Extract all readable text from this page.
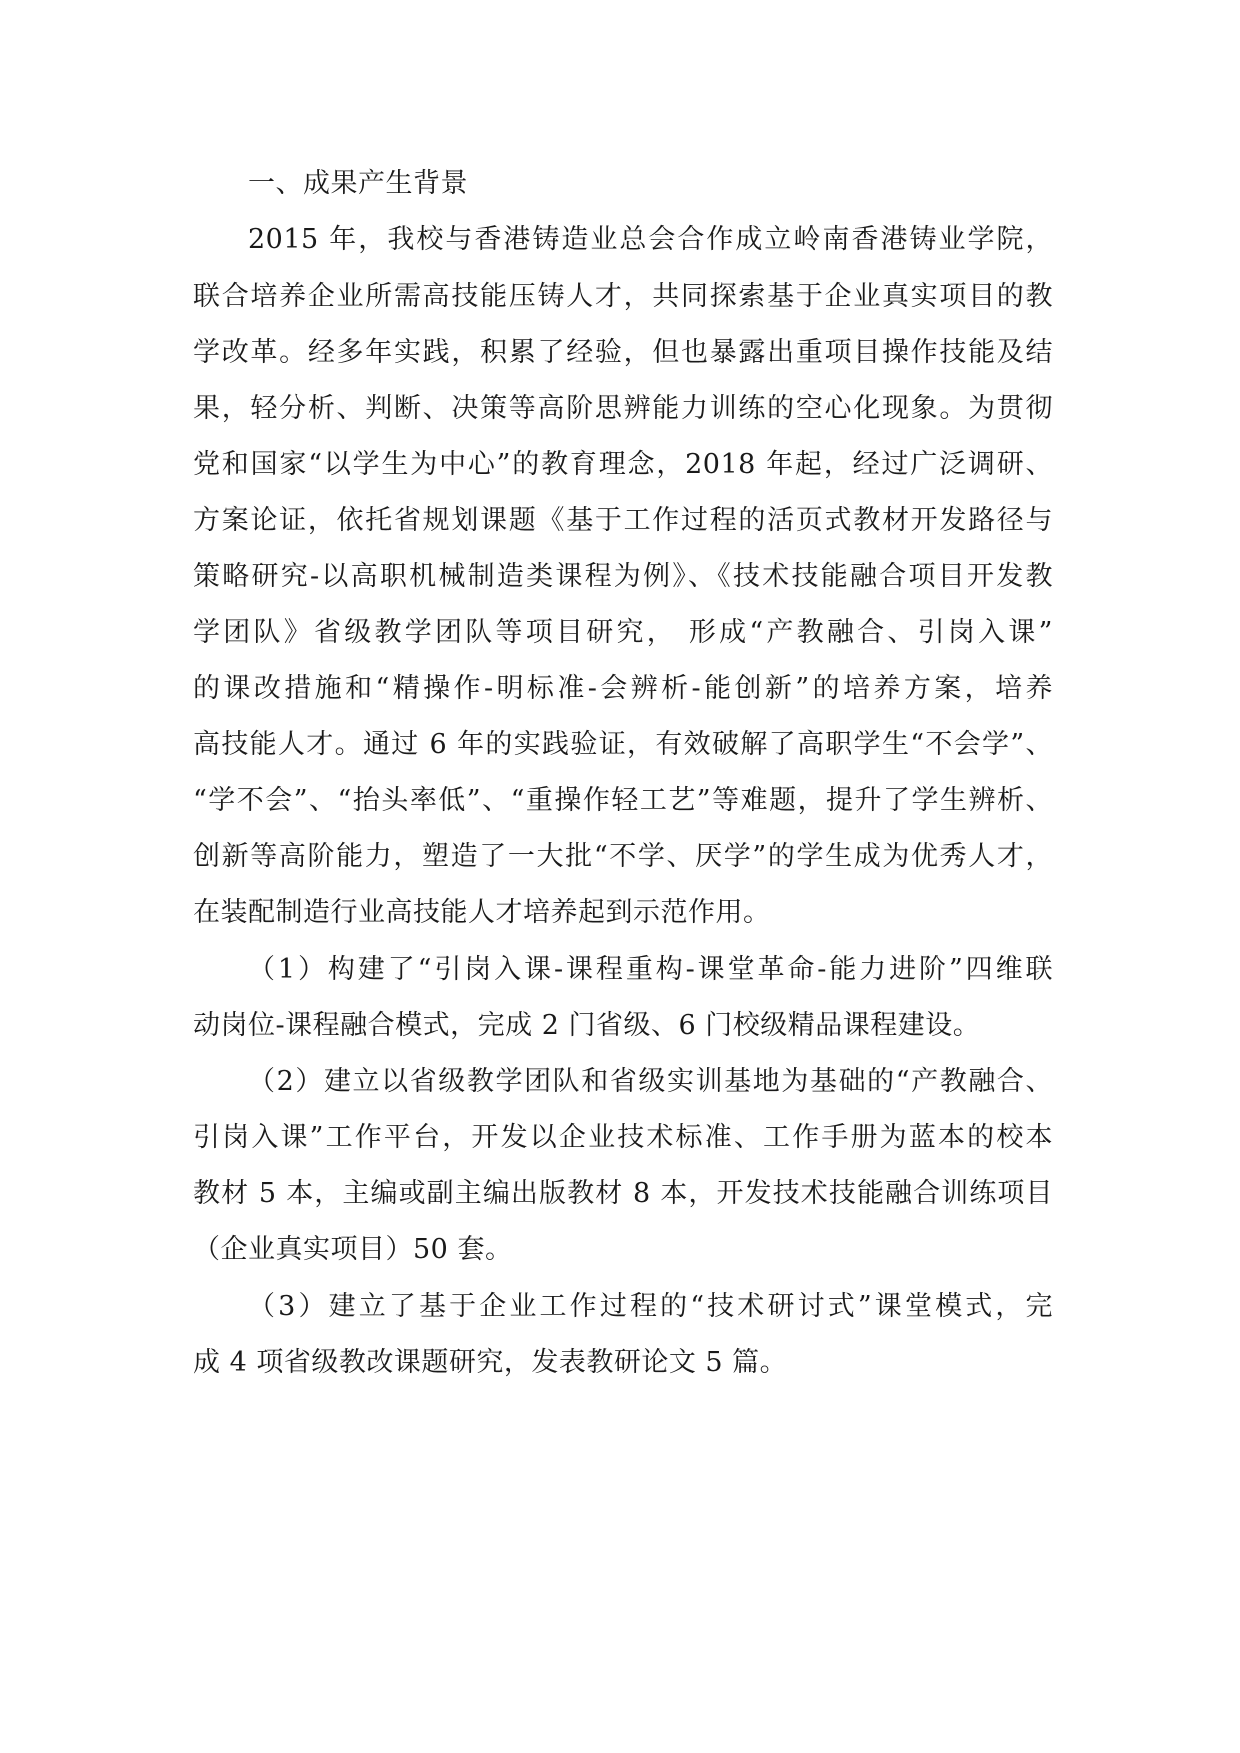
一、成果产生背景
2015 年，我校与香港铸造业总会合作成立岭南香港铸业学院，
联合培养企业所需高技能压铸人才，共同探索基于企业真实项目的教
学改革。经多年实践，积累了经验，但也暴露出重项目操作技能及结
果，轻分析、判断、决策等高阶思辨能力训练的空心化现象。为贯彻
党和国家“以学生为中心”的教育理念，2018 年起，经过广泛调研、
方案论证，依托省规划课题《基于工作过程的活页式教材开发路径与
策略研究-以高职机械制造类课程为例》、《技术技能融合项目开发教
学团队》省级教学团队等项目研究， 形成“产教融合、引岗入课”
的课改措施和“精操作-明标准-会辨析-能创新”的培养方案，培养
高技能人才。通过 6 年的实践验证，有效破解了高职学生“不会学”、
“学不会”、“抬头率低”、“重操作轻工艺”等难题，提升了学生辨析、
创新等高阶能力，塑造了一大批“不学、厌学”的学生成为优秀人才，
在装配制造行业高技能人才培养起到示范作用。
（1）构建了“引岗入课-课程重构-课堂革命-能力进阶”四维联
动岗位-课程融合模式，完成 2 门省级、6 门校级精品课程建设。
（2）建立以省级教学团队和省级实训基地为基础的“产教融合、
引岗入课”工作平台，开发以企业技术标准、工作手册为蓝本的校本
教材 5 本，主编或副主编出版教材 8 本，开发技术技能融合训练项目
（企业真实项目）50 套。
（3）建立了基于企业工作过程的“技术研讨式”课堂模式，完
成 4 项省级教改课题研究，发表教研论文 5 篇。
